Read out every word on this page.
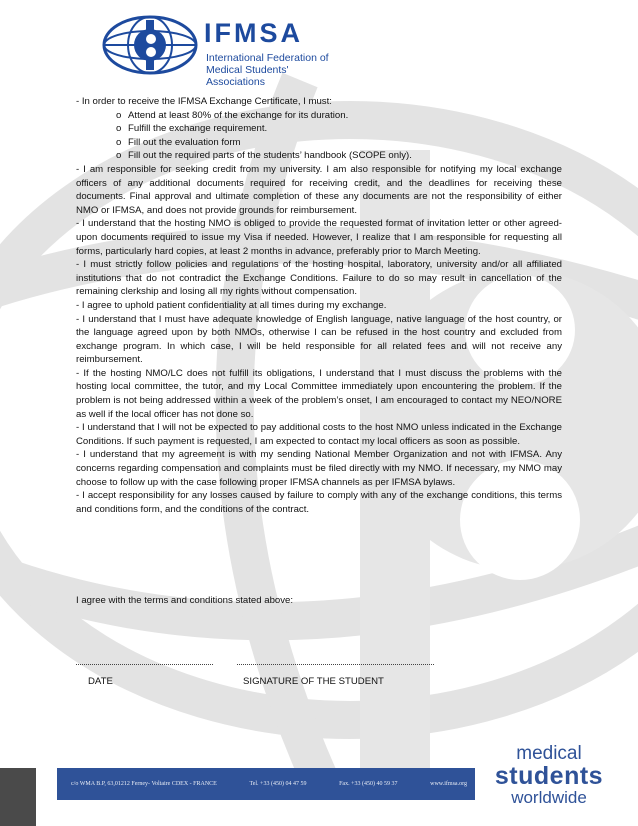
IFMSA
International Federation of
Medical Students' Associations

- In order to receive the IFMSA Exchange Certificate, I must:

o Attend at least 80% of the exchange for its duration.

o Fulfill the exchange requirement.

o Fill out the evaluation form

o Fill out the required parts of the students’ handbook (SCOPE only).

- I am responsible for seeking credit from my university. I am also responsible for notifying my local exchange officers of any additional documents required for receiving credit, and the deadlines for receiving these documents. Final approval and ultimate completion of these any documents are not the responsibility of either NMO or IFMSA, and does not provide grounds for reimbursement.

- I understand that the hosting NMO is obliged to provide the requested format of invitation letter or other agreed-upon documents required to issue my Visa if needed. However, I realize that I am responsible for requesting all forms, particularly hard copies, at least 2 months in advance, preferably prior to March Meeting.

- I must strictly follow policies and regulations of the hosting hospital, laboratory, university and/or all affiliated institutions that do not contradict the Exchange Conditions. Failure to do so may result in cancellation of the remaining clerkship and losing all my rights without compensation.

- I agree to uphold patient confidentiality at all times during my exchange.

- I understand that I must have adequate knowledge of English language, native language of the host country, or the language agreed upon by both NMOs, otherwise I can be refused in the host country and excluded from exchange program. In which case, I will be held responsible for all related fees and will not receive any reimbursement.

- If the hosting NMO/LC does not fulfill its obligations, I understand that I must discuss the problems with the hosting local committee, the tutor, and my Local Committee immediately upon encountering the problem. If the problem is not being addressed within a week of the problem’s onset, I am encouraged to contact my NEO/NORE as well if the local officer has not done so.

- I understand that I will not be expected to pay additional costs to the host NMO unless indicated in the Exchange Conditions. If such payment is requested, I am expected to contact my local officers as soon as possible.

- I understand that my agreement is with my sending National Member Organization and not with IFMSA. Any concerns regarding compensation and complaints must be filed directly with my NMO. If necessary, my NMO may choose to follow up with the case following proper IFMSA channels as per IFMSA bylaws.

- I accept responsibility for any losses caused by failure to comply with any of the exchange conditions, this terms and conditions form, and the conditions of the contract.

I agree with the terms and conditions stated above:
DATE	SIGNATURE OF THE STUDENT
c/o WMA B.P, 63,01212 Ferney- Voltaire CDEX - FRANCE	Tel. +33 (450) 04 47 59	Fax. +33 (450) 40 59 37	www.ifmsa.org
medical
students
worldwide
